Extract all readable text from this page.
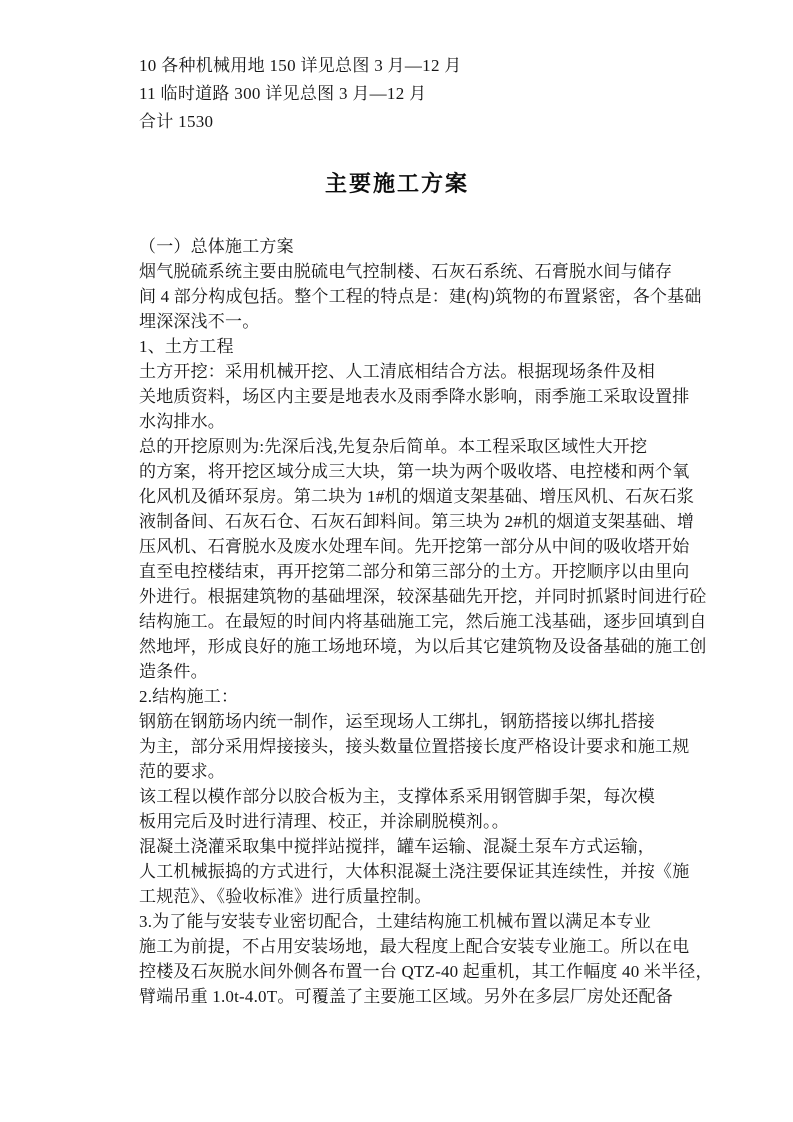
10 各种机械用地 150 详见总图 3 月—12 月
11 临时道路 300 详见总图 3 月—12 月
合计 1530
主要施工方案
（一）总体施工方案
烟气脱硫系统主要由脱硫电气控制楼、石灰石系统、石膏脱水间与储存
间 4 部分构成包括。整个工程的特点是：建(构)筑物的布置紧密，各个基础
埋深深浅不一。
1、土方工程
土方开挖：采用机械开挖、人工清底相结合方法。根据现场条件及相
关地质资料，场区内主要是地表水及雨季降水影响，雨季施工采取设置排
水沟排水。
总的开挖原则为:先深后浅,先复杂后简单。本工程采取区域性大开挖
的方案，将开挖区域分成三大块，第一块为两个吸收塔、电控楼和两个氧
化风机及循环泵房。第二块为 1#机的烟道支架基础、增压风机、石灰石浆
液制备间、石灰石仓、石灰石卸料间。第三块为 2#机的烟道支架基础、增
压风机、石膏脱水及废水处理车间。先开挖第一部分从中间的吸收塔开始
直至电控楼结束，再开挖第二部分和第三部分的土方。开挖顺序以由里向
外进行。根据建筑物的基础埋深，较深基础先开挖，并同时抓紧时间进行砼
结构施工。在最短的时间内将基础施工完，然后施工浅基础，逐步回填到自
然地坪，形成良好的施工场地环境，为以后其它建筑物及设备基础的施工创
造条件。
2.结构施工：
钢筋在钢筋场内统一制作，运至现场人工绑扎，钢筋搭接以绑扎搭接
为主，部分采用焊接接头，接头数量位置搭接长度严格设计要求和施工规
范的要求。
该工程以模作部分以胶合板为主，支撑体系采用钢管脚手架，每次模
板用完后及时进行清理、校正，并涂刷脱模剂。。
混凝土浇灌采取集中搅拌站搅拌，罐车运输、混凝土泵车方式运输，
人工机械振捣的方式进行，大体积混凝土浇注要保证其连续性，并按《施
工规范》、《验收标准》进行质量控制。
3.为了能与安装专业密切配合，土建结构施工机械布置以满足本专业
施工为前提，不占用安装场地，最大程度上配合安装专业施工。所以在电
控楼及石灰脱水间外侧各布置一台 QTZ-40 起重机，其工作幅度 40 米半径，
臂端吊重 1.0t-4.0T。可覆盖了主要施工区域。另外在多层厂房处还配备
